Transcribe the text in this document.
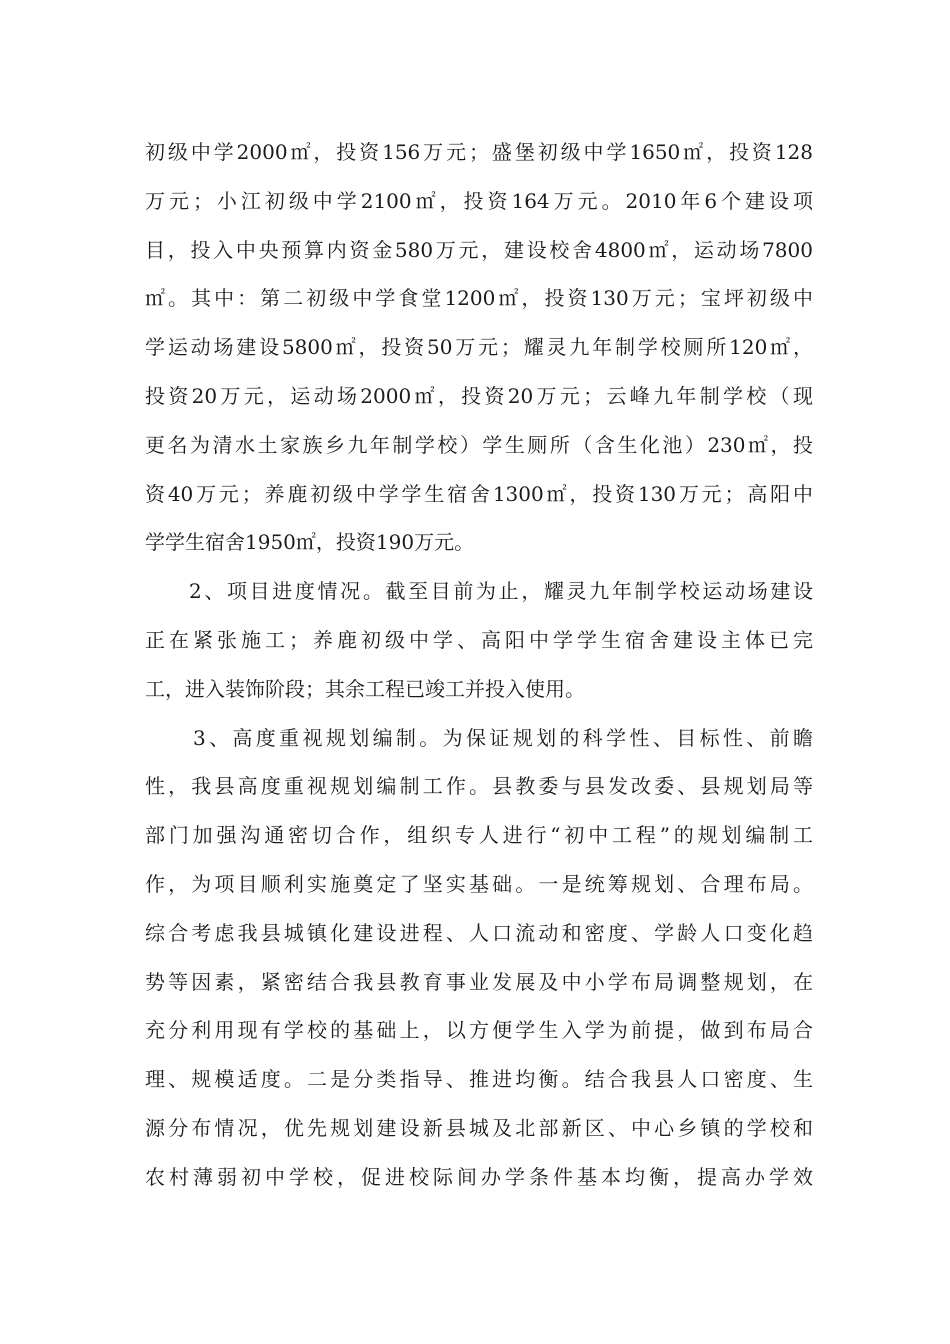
初级中学2000㎡，投资156万元；盛堡初级中学1650㎡，投资128
万元；小江初级中学2100㎡，投资164万元。2010年6个建设项
目，投入中央预算内资金580万元，建设校舍4800㎡，运动场7800
㎡。其中：第二初级中学食堂1200㎡，投资130万元；宝坪初级中
学运动场建设5800㎡，投资50万元；耀灵九年制学校厕所120㎡，
投资20万元，运动场2000㎡，投资20万元；云峰九年制学校（现
更名为清水土家族乡九年制学校）学生厕所（含生化池）230㎡，投
资40万元；养鹿初级中学学生宿舍1300㎡，投资130万元；高阳中
学学生宿舍1950㎡，投资190万元。
2、项目进度情况。截至目前为止，耀灵九年制学校运动场建设
正在紧张施工；养鹿初级中学、高阳中学学生宿舍建设主体已完
工，进入装饰阶段；其余工程已竣工并投入使用。
3、高度重视规划编制。为保证规划的科学性、目标性、前瞻
性，我县高度重视规划编制工作。县教委与县发改委、县规划局等
部门加强沟通密切合作，组织专人进行“初中工程”的规划编制工
作，为项目顺利实施奠定了坚实基础。一是统筹规划、合理布局。
综合考虑我县城镇化建设进程、人口流动和密度、学龄人口变化趋
势等因素，紧密结合我县教育事业发展及中小学布局调整规划，在
充分利用现有学校的基础上，以方便学生入学为前提，做到布局合
理、规模适度。二是分类指导、推进均衡。结合我县人口密度、生
源分布情况，优先规划建设新县城及北部新区、中心乡镇的学校和
农村薄弱初中学校，促进校际间办学条件基本均衡，提高办学效
